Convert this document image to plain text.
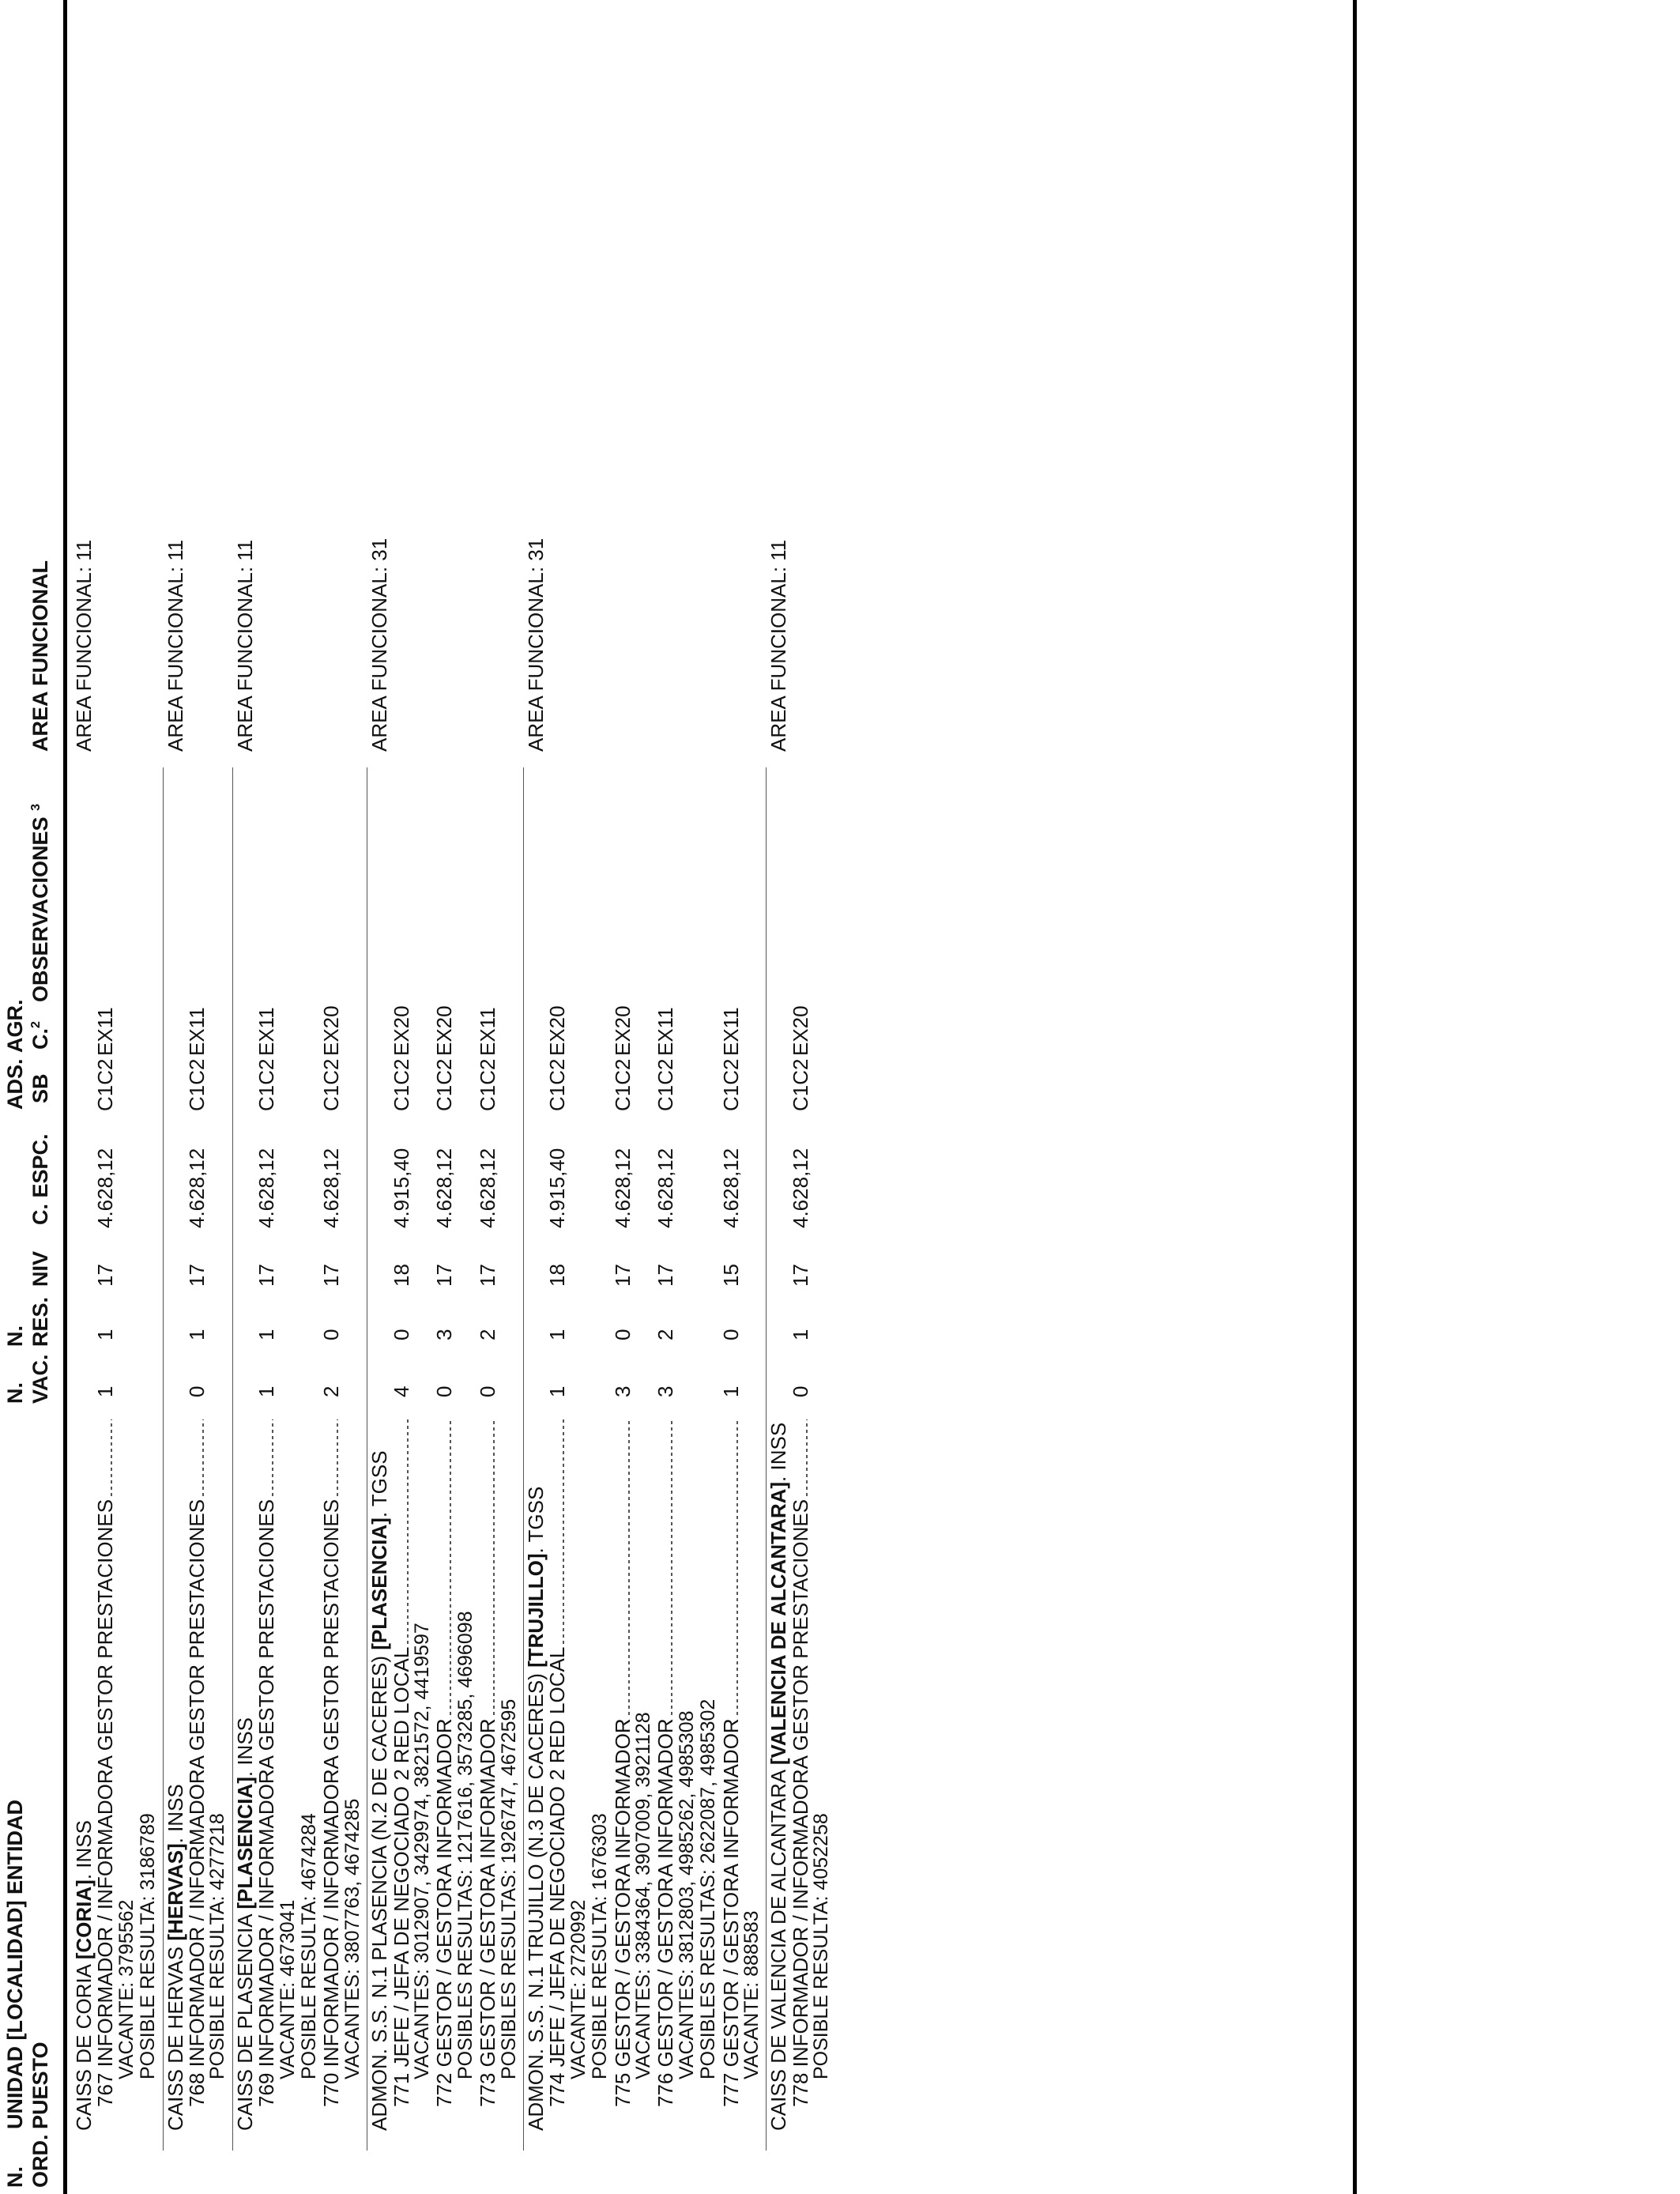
N. ORD.
UNIDAD [LOCALIDAD] ENTIDAD PUESTO
N. VAC.
N. RES.
NIV
C. ESPC.
ADS. SB
AGR. C.$^2$
OBSERVACIONES $^3$
AREA FUNCIONAL
CAISS DE CORIA [CORIA]. INSS
AREA FUNCIONAL: 11
767 INFORMADOR / INFORMADORA GESTOR PRESTACIONES
1
1
17
4.628,12
C1C2
EX11
VACANTE: 3795562 POSIBLE RESULTA: 3186789 CAISS DE HERVAS [HERVAS]. INSS
AREA FUNCIONAL: 11
768 INFORMADOR / INFORMADORA GESTOR PRESTACIONES
0
1
17
4.628,12
C1C2
EX11
POSIBLE RESULTA: 4277218 CAISS DE PLASENCIA [PLASENCIA]. INSS
AREA FUNCIONAL: 11
769 INFORMADOR / INFORMADORA GESTOR PRESTACIONES
1
1
17
4.628,12
C1C2
EX11
VACANTE: 4673041 POSIBLE RESULTA: 4674284 770 INFORMADOR / INFORMADORA GESTOR PRESTACIONES
2
0
17
4.628,12
C1C2
EX20
VACANTES: 3807763, 4674285 ADMON. S.S. N.1 PLASENCIA (N.2 DE CACERES) [PLASENCIA]. TGSS
AREA FUNCIONAL: 31
771 JEFE / JEFA DE NEGOCIADO 2 RED LOCAL
4
0
18
4.915,40
C1C2
EX20
VACANTES: 3012907, 3429974, 3821572, 4419597 772 GESTOR / GESTORA INFORMADOR
0
3
17
4.628,12
C1C2
EX20
POSIBLES RESULTAS: 1217616, 3573285, 4696098 773 GESTOR / GESTORA INFORMADOR
0
2
17
4.628,12
C1C2
EX11
POSIBLES RESULTAS: 1926747, 4672595 ADMON. S.S. N.1 TRUJILLO (N.3 DE CACERES) [TRUJILLO]. TGSS
AREA FUNCIONAL: 31
774 JEFE / JEFA DE NEGOCIADO 2 RED LOCAL
1
1
18
4.915,40
C1C2
EX20
VACANTE: 2720992 POSIBLE RESULTA: 1676303 775 GESTOR / GESTORA INFORMADOR
3
0
17
4.628,12
C1C2
EX20
VACANTES: 3384364, 3907009, 3921128 776 GESTOR / GESTORA INFORMADOR
3
2
17
4.628,12
C1C2
EX11
VACANTES: 3812803, 4985262, 4985308 POSIBLES RESULTAS: 2622087, 4985302 777 GESTOR / GESTORA INFORMADOR
1
0
15
4.628,12
C1C2
EX11
VACANTE: 888583 CAISS DE VALENCIA DE ALCANTARA [VALENCIA DE ALCANTARA]. INSS
AREA FUNCIONAL: 11
778 INFORMADOR / INFORMADORA GESTOR PRESTACIONES
0
1
17
4.628,12
C1C2
EX20
POSIBLE RESULTA: 4052258
